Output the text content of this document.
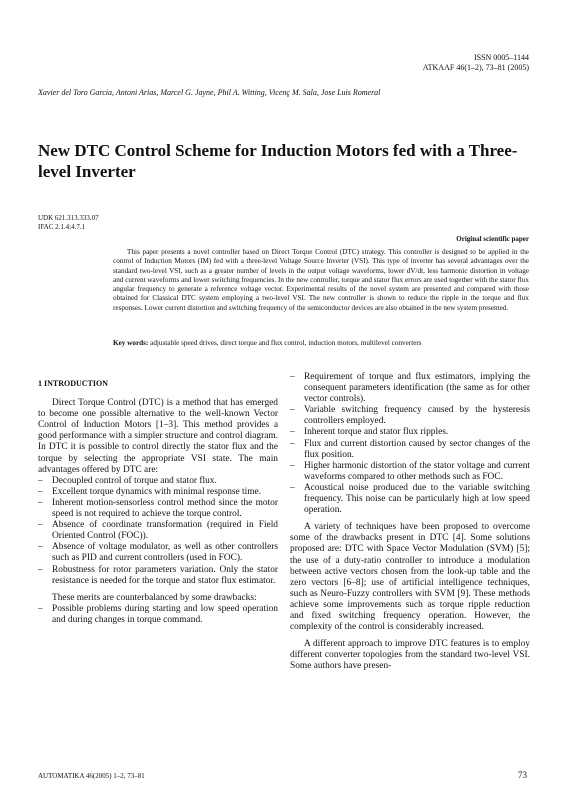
ISSN 0005–1144
ATKAAF 46(1–2), 73–81 (2005)
Xavier del Toro Garcia, Antoni Arias, Marcel G. Jayne, Phil A. Witting, Vicenç M. Sala, Jose Luis Romeral
New DTC Control Scheme for Induction Motors fed with a Three-level Inverter
UDK 621.313.333.07
IFAC 2.1.4;4.7.1
Original scientific paper

This paper presents a novel controller based on Direct Torque Control (DTC) strategy. This controller is designed to be applied in the control of Induction Motors (IM) fed with a three-level Voltage Source Inverter (VSI). This type of inverter has several advantages over the standard two-level VSI, such as a greater number of levels in the output voltage waveforms, lower dV/dt, less harmonic distortion in voltage and current waveforms and lower switching frequencies. In the new controller, torque and stator flux errors are used together with the stator flux angular frequency to generate a reference voltage vector. Experimental results of the novel system are presented and compared with those obtained for Classical DTC system employing a two-level VSI. The new controller is shown to reduce the ripple in the torque and flux responses. Lower current distortion and switching frequency of the semiconductor devices are also obtained in the new system presented.

Key words: adjustable speed drives, direct torque and flux control, induction motors, multilevel converters
1 INTRODUCTION

Direct Torque Control (DTC) is a method that has emerged to become one possible alternative to the well-known Vector Control of Induction Motors [1–3]. This method provides a good performance with a simpler structure and control diagram. In DTC it is possible to control directly the stator flux and the torque by selecting the appropriate VSI state. The main advantages offered by DTC are:

– Decoupled control of torque and stator flux.
– Excellent torque dynamics with minimal response time.
– Inherent motion-sensorless control method since the motor speed is not required to achieve the torque control.
– Absence of coordinate transformation (required in Field Oriented Control (FOC)).
– Absence of voltage modulator, as well as other controllers such as PID and current controllers (used in FOC).
– Robustness for rotor parameters variation. Only the stator resistance is needed for the torque and stator flux estimator.

These merits are counterbalanced by some drawbacks:

– Possible problems during starting and low speed operation and during changes in torque command.
– Requirement of torque and flux estimators, implying the consequent parameters identification (the same as for other vector controls).
– Variable switching frequency caused by the hysteresis controllers employed.
– Inherent torque and stator flux ripples.
– Flux and current distortion caused by sector changes of the flux position.
– Higher harmonic distortion of the stator voltage and current waveforms compared to other methods such as FOC.
– Acoustical noise produced due to the variable switching frequency. This noise can be particularly high at low speed operation.

A variety of techniques have been proposed to overcome some of the drawbacks present in DTC [4]. Some solutions proposed are: DTC with Space Vector Modulation (SVM) [5]; the use of a duty-ratio controller to introduce a modulation between active vectors chosen from the look-up table and the zero vectors [6–8]; use of artificial intelligence techniques, such as Neuro-Fuzzy controllers with SVM [9]. These methods achieve some improvements such as torque ripple reduction and fixed switching frequency operation. However, the complexity of the control is considerably increased.

A different approach to improve DTC features is to employ different converter topologies from the standard two-level VSI. Some authors have presen-

AUTOMATIKA 46(2005) 1–2, 73–81	73
